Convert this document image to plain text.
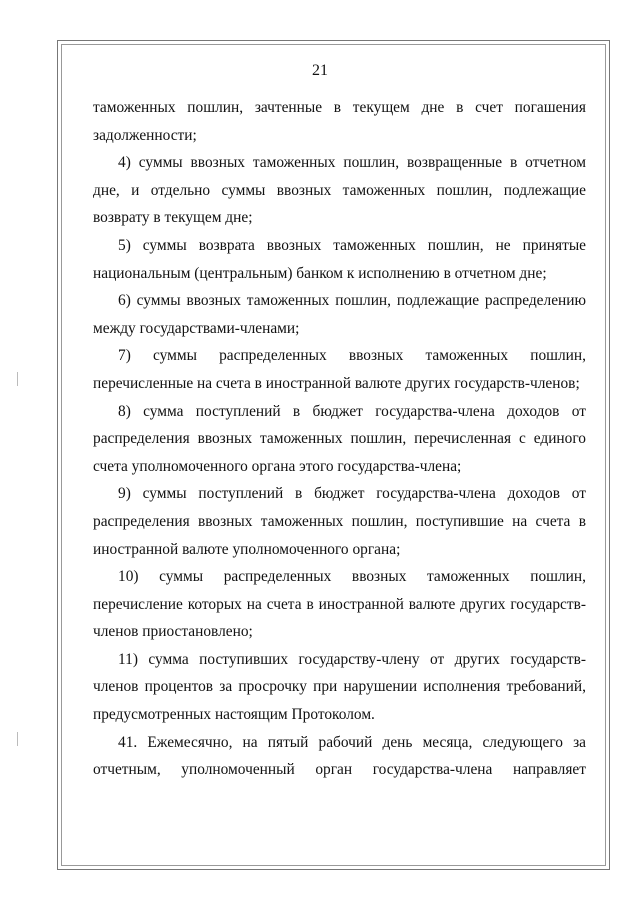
21

таможенных пошлин, зачтенные в текущем дне в счет погашения задолженности;

4) суммы ввозных таможенных пошлин, возвращенные в отчетном дне, и отдельно суммы ввозных таможенных пошлин, подлежащие возврату в текущем дне;

5) суммы возврата ввозных таможенных пошлин, не принятые национальным (центральным) банком к исполнению в отчетном дне;

6) суммы ввозных таможенных пошлин, подлежащие распределению между государствами-членами;

7) суммы распределенных ввозных таможенных пошлин, перечисленные на счета в иностранной валюте других государств-членов;

8) сумма поступлений в бюджет государства-члена доходов от распределения ввозных таможенных пошлин, перечисленная с единого счета уполномоченного органа этого государства-члена;

9) суммы поступлений в бюджет государства-члена доходов от распределения ввозных таможенных пошлин, поступившие на счета в иностранной валюте уполномоченного органа;

10) суммы распределенных ввозных таможенных пошлин, перечисление которых на счета в иностранной валюте других государств-членов приостановлено;

11) сумма поступивших государству-члену от других государств-членов процентов за просрочку при нарушении исполнения требований, предусмотренных настоящим Протоколом.

41. Ежемесячно, на пятый рабочий день месяца, следующего за отчетным, уполномоченный орган государства-члена направляет
